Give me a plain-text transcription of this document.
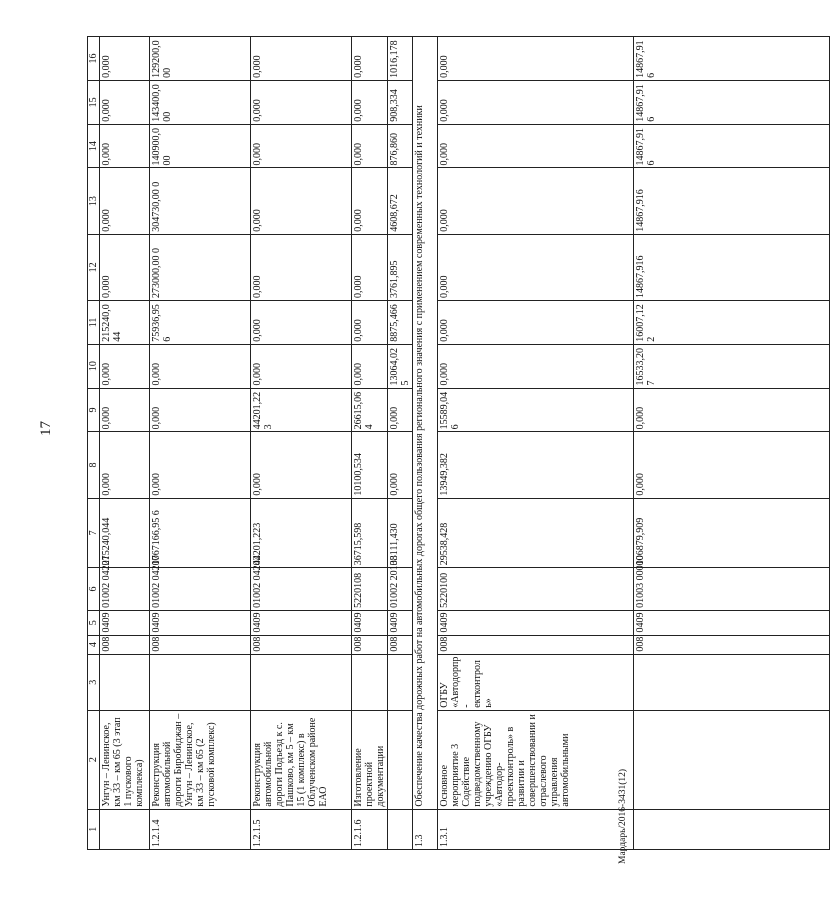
17
Мардарь/2016-3431(12)
1	2	3	4	5	6	7	8	9	10	11	12	13	14	15	16
	Унгун – Ленинское, км 33 – км 65 (3 этап 1 пускового комплекса)		008	0409	01002 04207	215240,044	0,000	0,000	0,000	215240,0 44	0,000	0,000	0,000	0,000	0,000
1.2.1.4	Реконструкция автомобильной дороги Биробиджан – Унгун – Ленинское, км 33 – км 65 (2 пусковой комплекс)		008	0409	01002 04207	1067166,95 6	0,000	0,000	0,000	75936,95 6	273000,00 0	304730,00 0	140900,0 00	143400,0 00	129200,0 00
1.2.1.5	Реконструкция автомобильной дороги Подъезд к с. Пашково, км 5 – км 15 (1 комплекс) в Облученском районе ЕАО		008	0409	01002 04202	44201,223	0,000	44201,22 3	0,000	0,000	0,000	0,000	0,000	0,000	0,000
1.2.1.6	Изготовление проектной документации		008	0409	5220108	36715,598	10100,534	26615,06 4	0,000	0,000	0,000	0,000	0,000	0,000	0,000
			008	0409	01002 20108	33111,430	0,000	0,000	13064,02 5	8875,466	3761,895	4608,672	876,860	908,334	1016,178
1.3	Обеспечение качества дорожных работ на автомобильных дорогах общего пользования регионального значения с применением современных технологий и техники														
1.3.1	Основное мероприятие 3 Содействие подведомственному учреждению ОГБУ «Автодор- проектконтроль» в развитии и совершенствовании и отраслевого управления автомобильными	ОГБУ «Автодорпр- ектконтроль»	008	0409	5220100	29538,428	13949,382	15589,04 6	0,000	0,000	0,000	0,000	0,000	0,000	0,000
			008	0409	01003 00000	106879,909	0,000	0,000	16533,20 7	16007,12 2	14867,916	14867,916	14867,91 6	14867,91 6	14867,91 6
